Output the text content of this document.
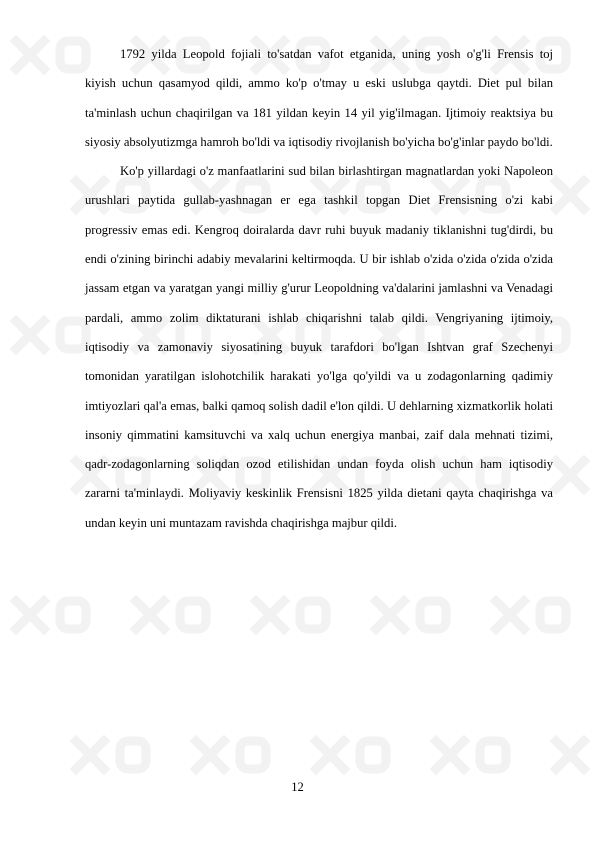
1792 yilda Leopold fojiali to'satdan vafot etganida, uning yosh o'g'li Frensis toj kiyish uchun qasamyod qildi, ammo ko'p o'tmay u eski uslubga qaytdi. Diet pul bilan ta'minlash uchun chaqirilgan va 181 yildan keyin 14 yil yig'ilmagan. Ijtimoiy reaktsiya bu siyosiy absolyutizmga hamroh bo'ldi va iqtisodiy rivojlanish bo'yicha bo'g'inlar paydo bo'ldi.

Ko'p yillardagi o'z manfaatlarini sud bilan birlashtirgan magnatlardan yoki Napoleon urushlari paytida gullab-yashnagan er ega tashkil topgan Diet Frensisning o'zi kabi progressiv emas edi. Kengroq doiralarda davr ruhi buyuk madaniy tiklanishni tug'dirdi, bu endi o'zining birinchi adabiy mevalarini keltirmoqda. U bir ishlab o'zida o'zida o'zida o'zida jassam etgan va yaratgan yangi milliy g'urur Leopoldning va'dalarini jamlashni va Venadagi pardali, ammo zolim diktaturani ishlab chiqarishni talab qildi. Vengriyaning ijtimoiy, iqtisodiy va zamonaviy siyosatining buyuk tarafdori bo'lgan Ishtvan graf Szechenyi tomonidan yaratilgan islohotchilik harakati yo'lga qo'yildi va u zodagonlarning qadimiy imtiyozlari qal'a emas, balki qamoq solish dadil e'lon qildi. U dehlarning xizmatkorlik holati insoniy qimmatini kamsituvchi va xalq uchun energiya manbai, zaif dala mehnati tizimi, qadr-zodagonlarning soliqdan ozod etilishidan undan foyda olish uchun ham iqtisodiy zararni ta'minlaydi. Moliyaviy keskinlik Frensisni 1825 yilda dietani qayta chaqirishga va undan keyin uni muntazam ravishda chaqirishga majbur qildi.

12
